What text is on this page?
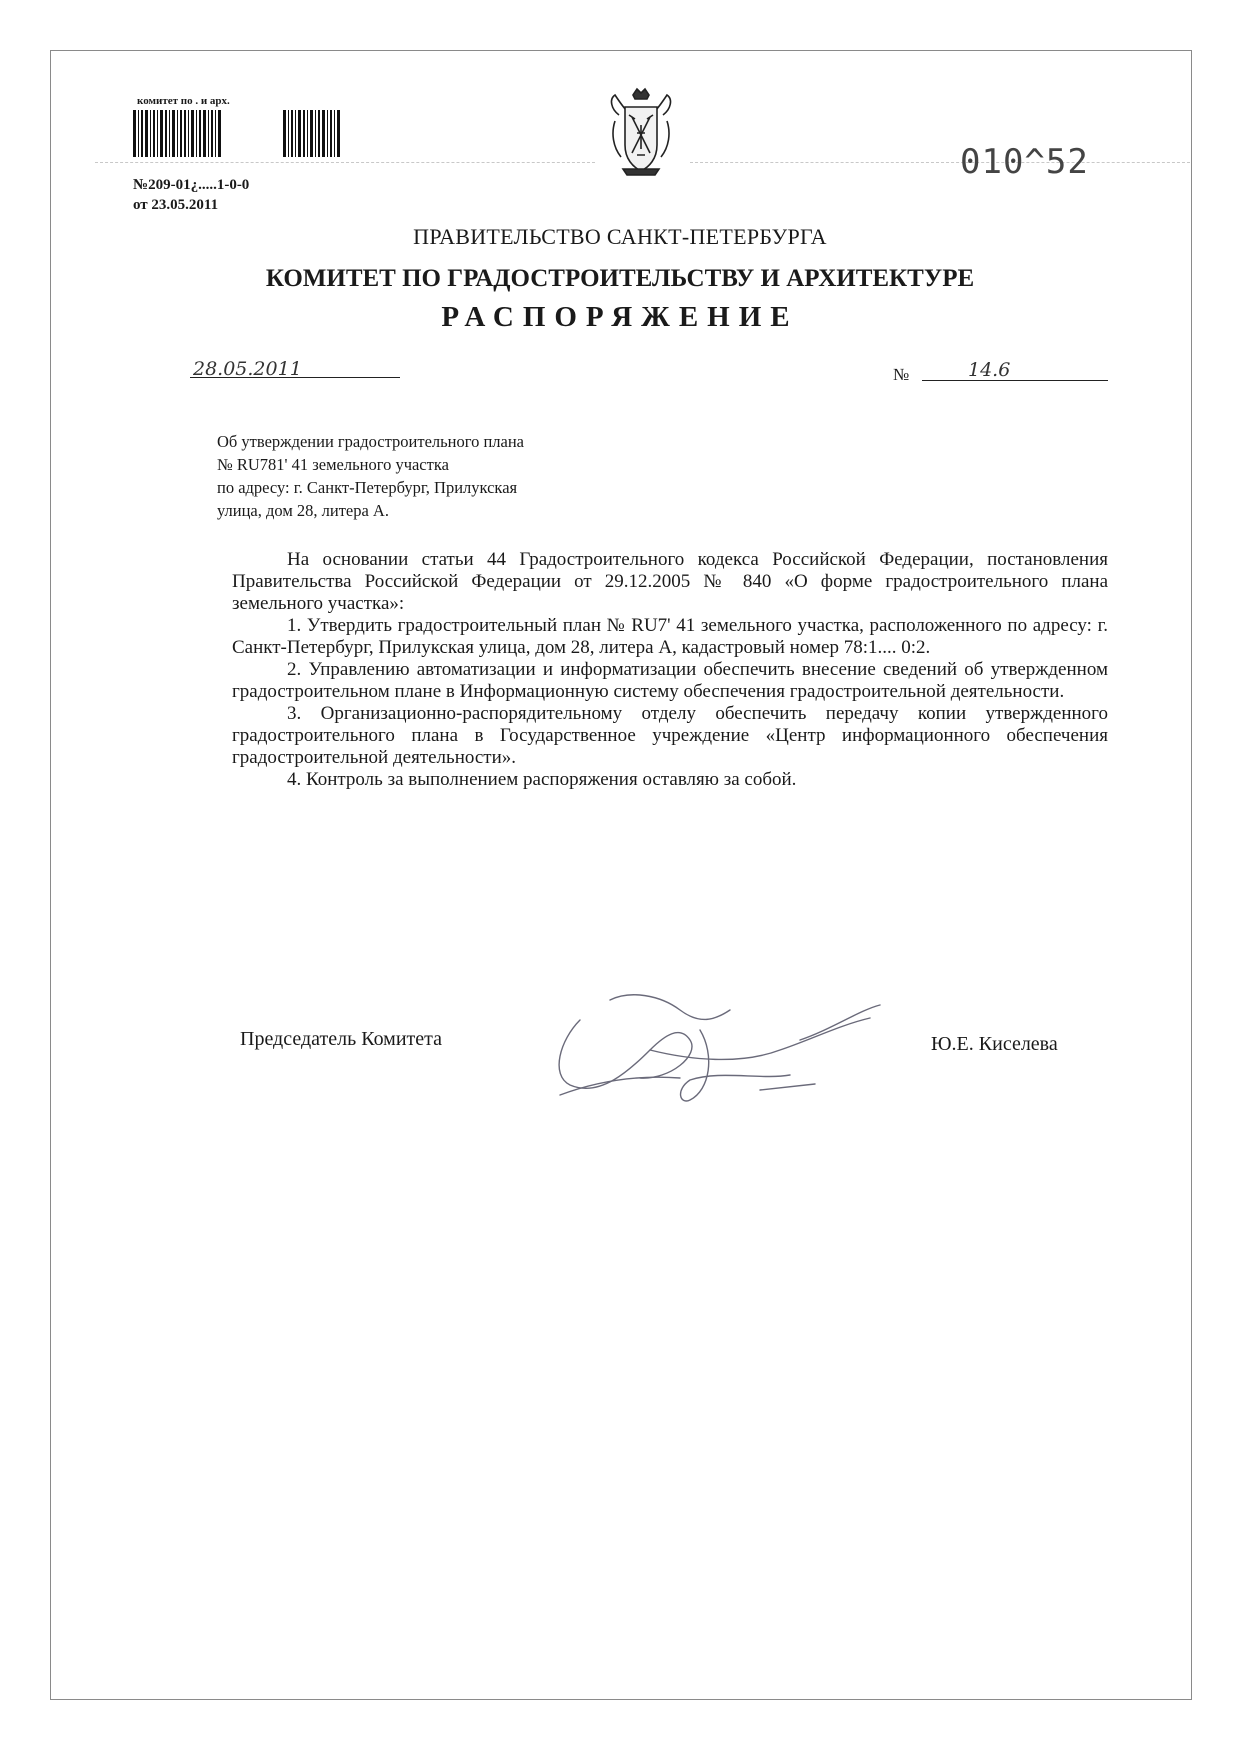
комитет по . и арх.
№209-01¿.....1-0-0
от 23.05.2011
010^52
ПРАВИТЕЛЬСТВО САНКТ-ПЕТЕРБУРГА
КОМИТЕТ ПО ГРАДОСТРОИТЕЛЬСТВУ И АРХИТЕКТУРЕ
РАСПОРЯЖЕНИЕ
28.05.2011	№	14.6
Об утверждении градостроительного плана
№ RU781' 41 земельного участка
по адресу: г. Санкт-Петербург, Прилукская
улица, дом 28, литера А.

На основании статьи 44 Градостроительного кодекса Российской Федерации, постановления Правительства Российской Федерации от 29.12.2005 № 840 «О форме градостроительного плана земельного участка»:

1. Утвердить градостроительный план № RU7' 41 земельного участка, расположенного по адресу: г. Санкт-Петербург, Прилукская улица, дом 28, литера А, кадастровый номер 78:1.... 0:2.

2. Управлению автоматизации и информатизации обеспечить внесение сведений об утвержденном градостроительном плане в Информационную систему обеспечения градостроительной деятельности.

3. Организационно-распорядительному отделу обеспечить передачу копии утвержденного градостроительного плана в Государственное учреждение «Центр информационного обеспечения градостроительной деятельности».

4. Контроль за выполнением распоряжения оставляю за собой.

Председатель Комитета	Ю.Е. Киселева
